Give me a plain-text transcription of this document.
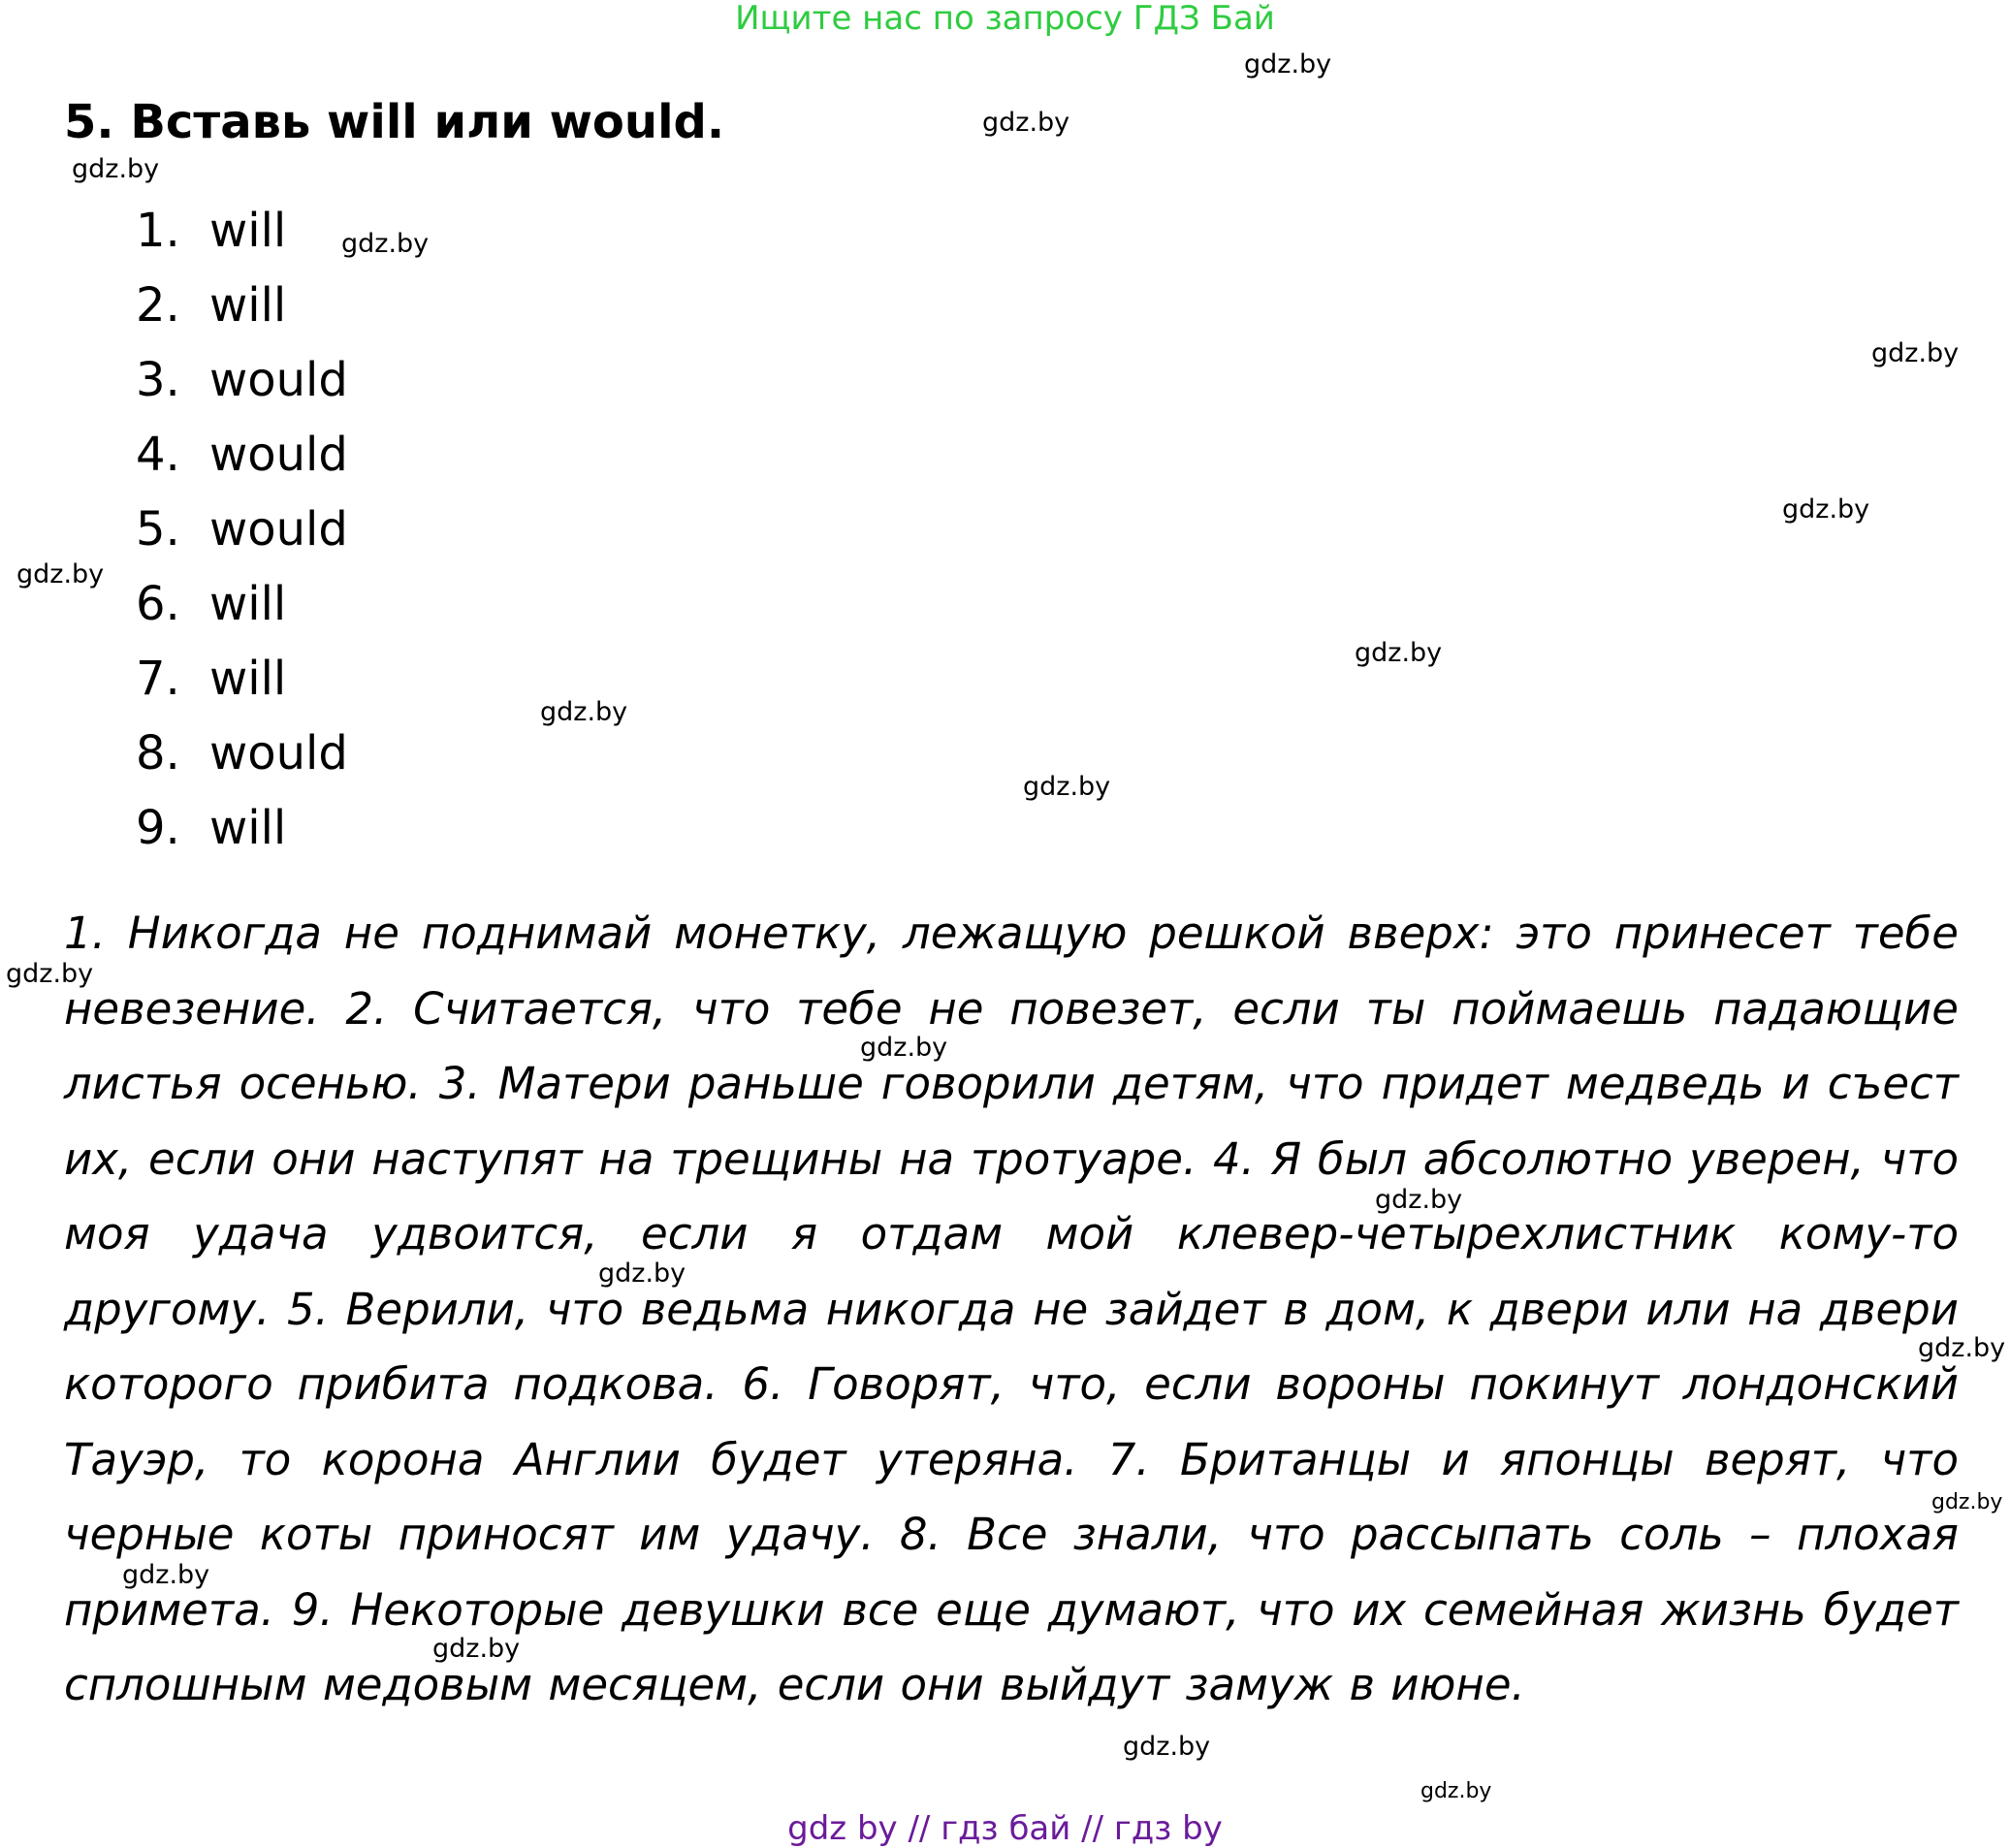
Ищите нас по запросу ГДЗ Бай
5. Вставь will или would.
1. will
2. will
3. would
4. would
5. would
6. will
7. will
8. would
9. will

1. Никогда не поднимай монетку, лежащую решкой вверх: это принесет тебе невезение. 2. Считается, что тебе не повезет, если ты поймаешь падающие листья осенью. 3. Матери раньше говорили детям, что придет медведь и съест их, если они наступят на трещины на тротуаре. 4. Я был абсолютно уверен, что моя удача удвоится, если я отдам мой клевер-четырехлистник кому-то другому. 5. Верили, что ведьма никогда не зайдет в дом, к двери или на двери которого прибита подкова. 6. Говорят, что, если вороны покинут лондонский Тауэр, то корона Англии будет утеряна. 7. Британцы и японцы верят, что черные коты приносят им удачу. 8. Все знали, что рассыпать соль – плохая примета. 9. Некоторые девушки все еще думают, что их семейная жизнь будет сплошным медовым месяцем, если они выйдут замуж в июне.

gdz.by
gdz.by
gdz.by
gdz.by
gdz.by
gdz.by
gdz.by
gdz.by
gdz.by
gdz.by
gdz.by
gdz.by
gdz.by
gdz.by
gdz.by
gdz.by
gdz.by
gdz.by
gdz.by
gdz.by
gdz by // гдз бай // гдз by
